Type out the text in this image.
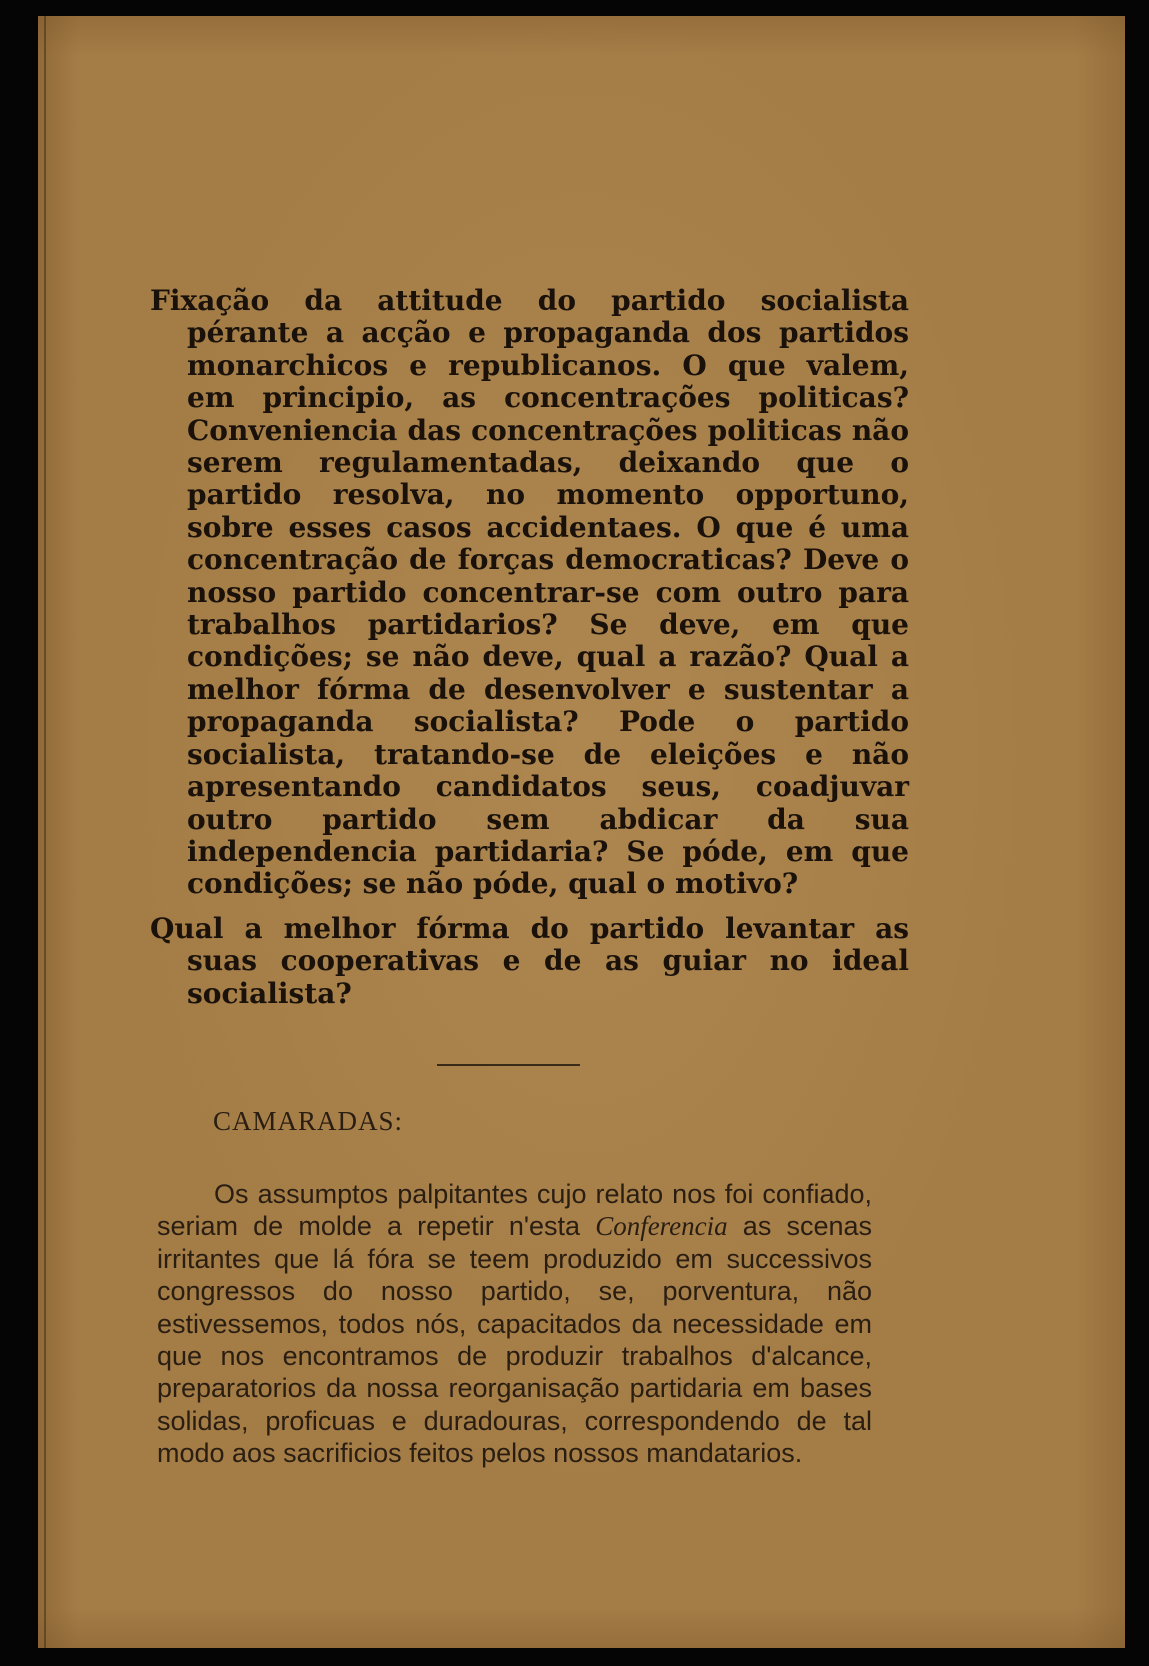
Fixação da attitude do partido socialista pérante a acção e propaganda dos partidos monarchicos e republicanos. O que valem, em principio, as concentrações politicas? Conveniencia das concentrações politicas não serem regulamentadas, deixando que o partido resolva, no momento opportuno, sobre esses casos accidentaes. O que é uma concentração de forças democraticas? Deve o nosso partido concentrar-se com outro para trabalhos partidarios? Se deve, em que condições; se não deve, qual a razão? Qual a melhor fórma de desenvolver e sustentar a propaganda socialista? Pode o partido socialista, tratando-se de eleições e não apresentando candidatos seus, coadjuvar outro partido sem abdicar da sua independencia partidaria? Se póde, em que condições; se não póde, qual o motivo?

Qual a melhor fórma do partido levantar as suas cooperativas e de as guiar no ideal socialista?

CAMARADAS:

Os assumptos palpitantes cujo relato nos foi confiado, seriam de molde a repetir n'esta Conferencia as scenas irritantes que lá fóra se teem produzido em successivos congressos do nosso partido, se, porventura, não estivessemos, todos nós, capacitados da necessidade em que nos encontramos de produzir trabalhos d'alcance, preparatorios da nossa reorganisação partidaria em bases solidas, proficuas e duradouras, correspondendo de tal modo aos sacrificios feitos pelos nossos mandatarios.
